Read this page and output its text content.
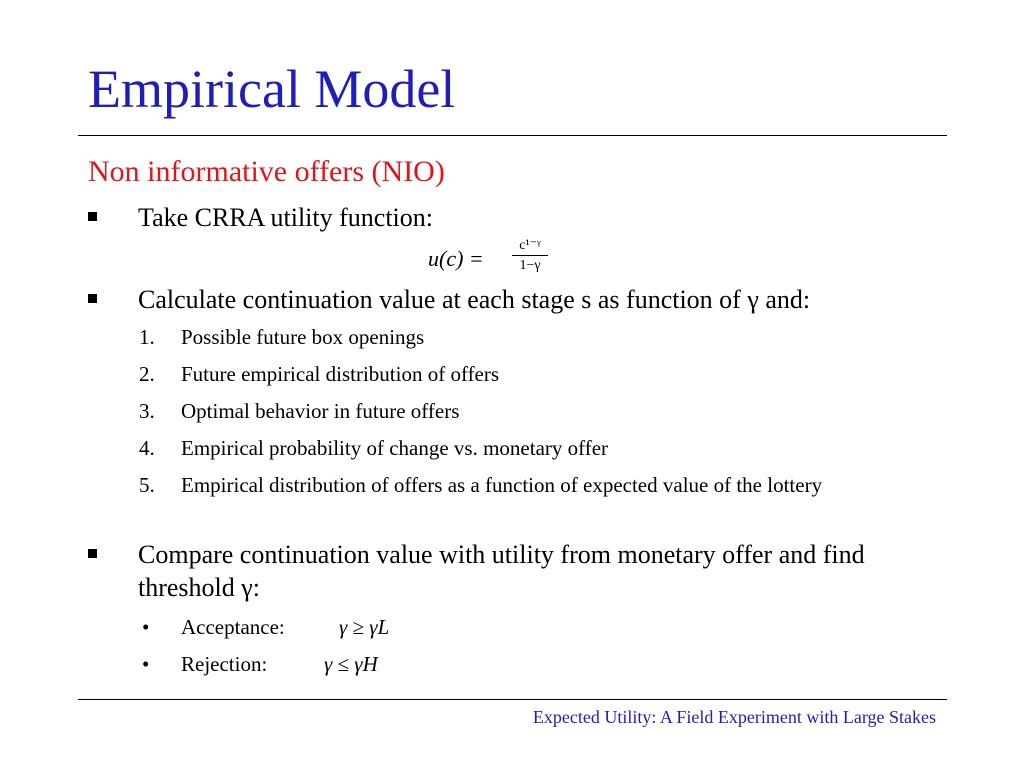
Empirical Model
Non informative offers (NIO)
Take CRRA utility function:
u(c) =
c¹⁻ᵞ
1−γ
Calculate continuation value at each stage s as function of γ and:
1.	Possible future box openings
2.	Future empirical distribution of offers
3.	Optimal behavior in future offers
4.	Empirical probability of change vs. monetary offer
5.	Empirical distribution of offers as a function of expected value of the lottery
Compare continuation value with utility from monetary offer and find
threshold γ:
• Acceptance:	γ ≥ γL
• Rejection:	γ ≤ γH
Expected Utility: A Field Experiment with Large Stakes
